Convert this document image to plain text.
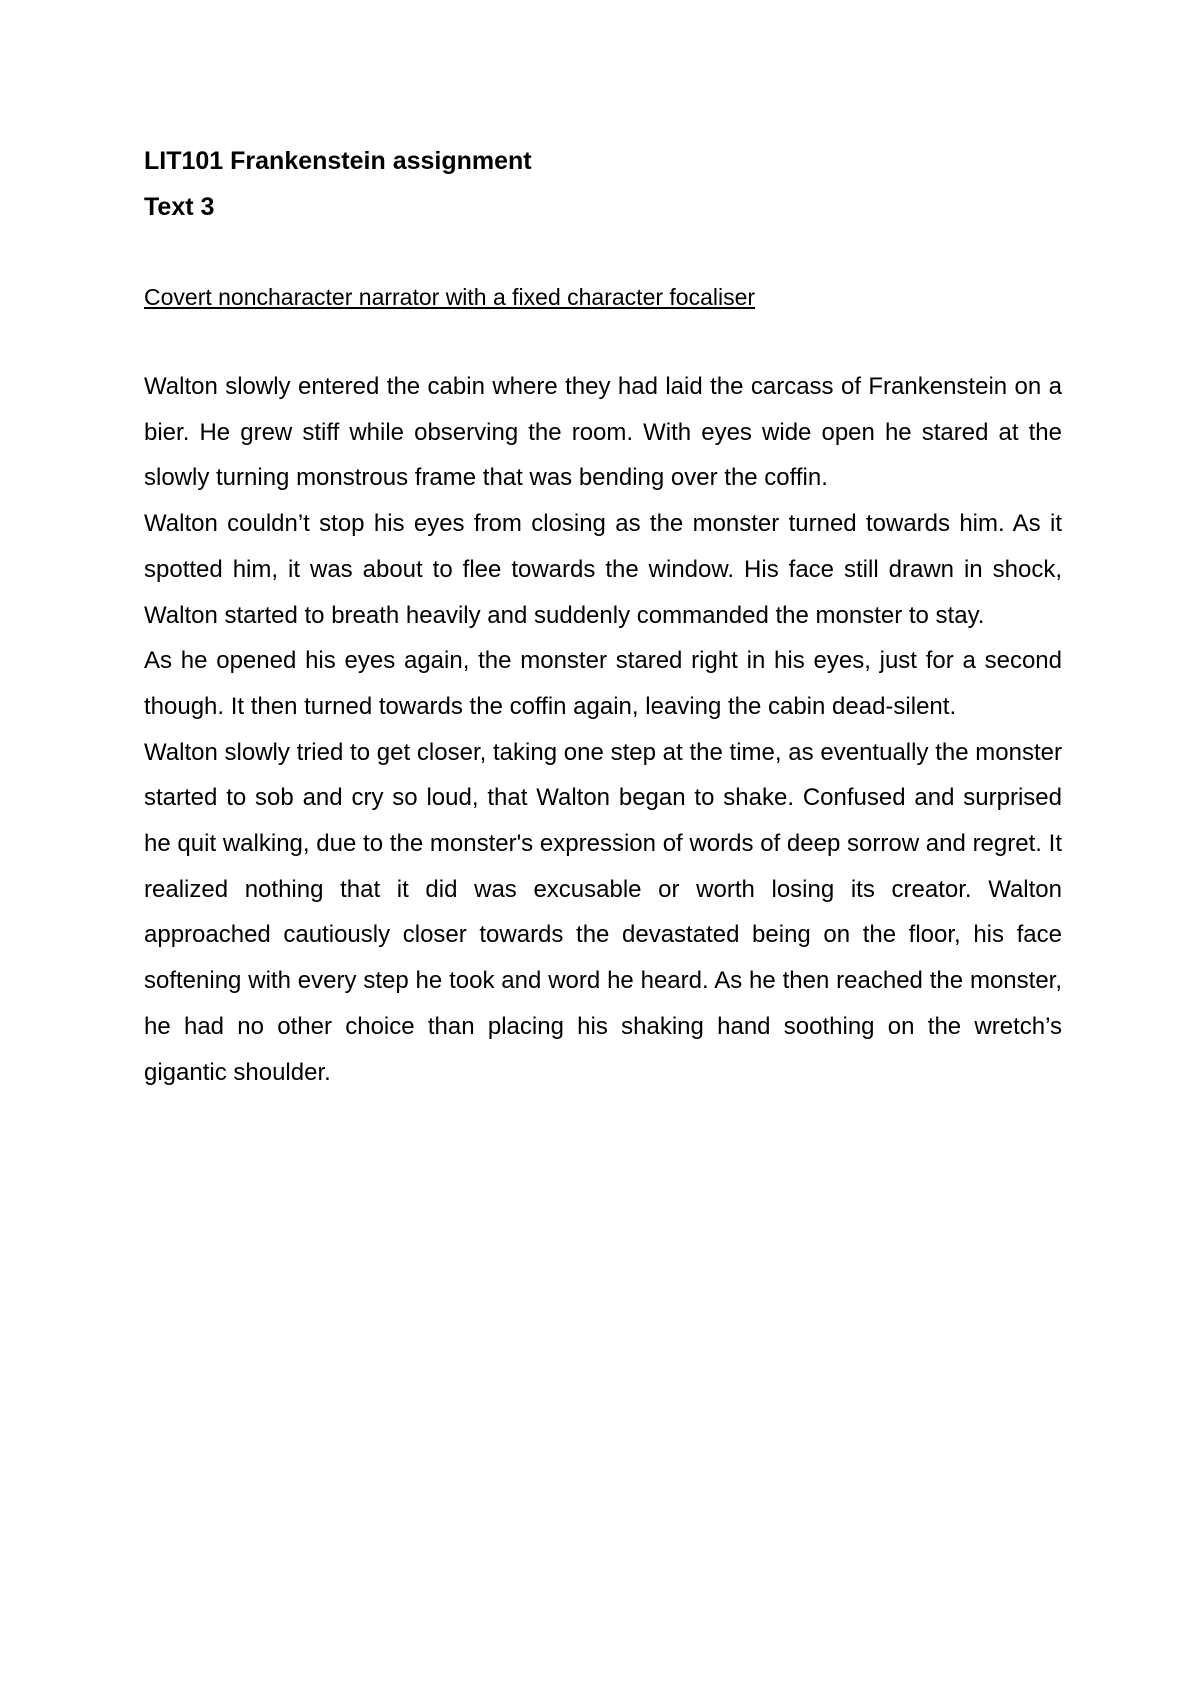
LIT101 Frankenstein assignment

Text 3

Covert noncharacter narrator with a fixed character focaliser

Walton slowly entered the cabin where they had laid the carcass of Frankenstein on a bier. He grew stiff while observing the room. With eyes wide open he stared at the slowly turning monstrous frame that was bending over the coffin.

Walton couldn’t stop his eyes from closing as the monster turned towards him. As it spotted him, it was about to flee towards the window. His face still drawn in shock, Walton started to breath heavily and suddenly commanded the monster to stay.

As he opened his eyes again, the monster stared right in his eyes, just for a second though. It then turned towards the coffin again, leaving the cabin dead-silent.

Walton slowly tried to get closer, taking one step at the time, as eventually the monster started to sob and cry so loud, that Walton began to shake. Confused and surprised he quit walking, due to the monster's expression of words of deep sorrow and regret. It realized nothing that it did was excusable or worth losing its creator. Walton approached cautiously closer towards the devastated being on the floor, his face softening with every step he took and word he heard. As he then reached the monster, he had no other choice than placing his shaking hand soothing on the wretch’s gigantic shoulder.
